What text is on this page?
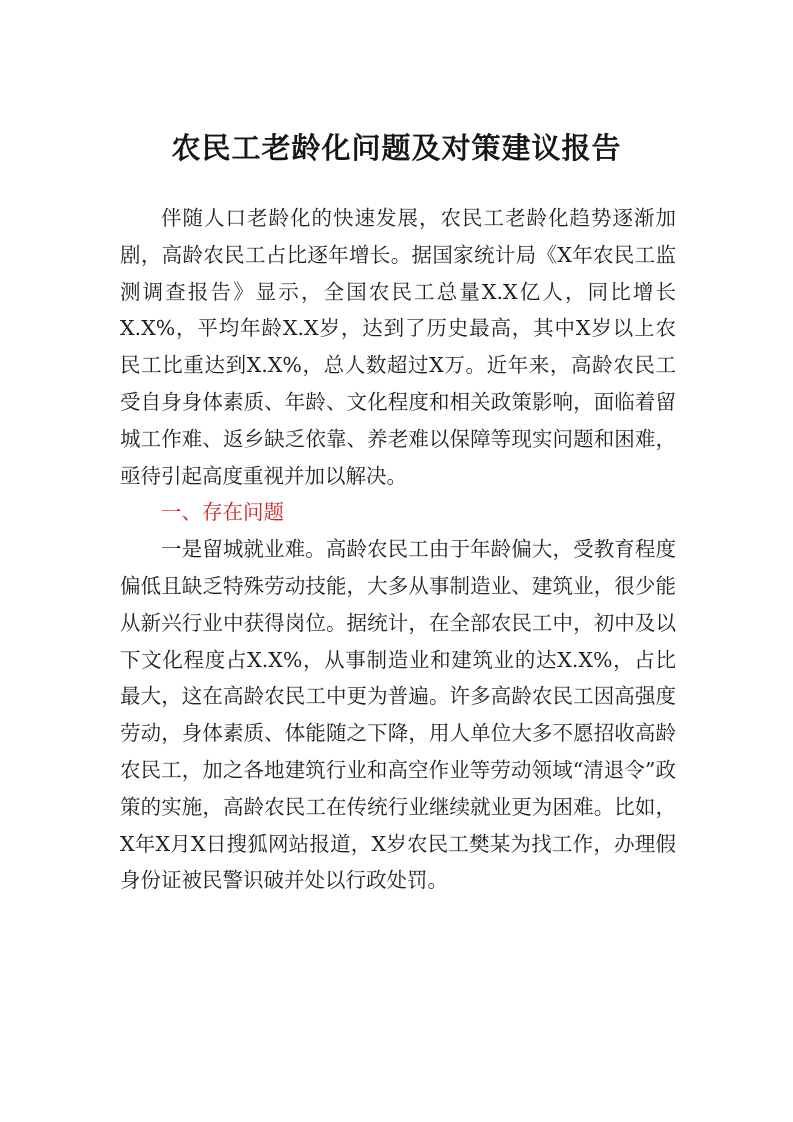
农民工老龄化问题及对策建议报告

伴随人口老龄化的快速发展，农民工老龄化趋势逐渐加剧，高龄农民工占比逐年增长。据国家统计局《X年农民工监测调查报告》显示，全国农民工总量X.X亿人，同比增长X.X%，平均年龄X.X岁，达到了历史最高，其中X岁以上农民工比重达到X.X%，总人数超过X万。近年来，高龄农民工受自身身体素质、年龄、文化程度和相关政策影响，面临着留城工作难、返乡缺乏依靠、养老难以保障等现实问题和困难，亟待引起高度重视并加以解决。

一、存在问题

一是留城就业难。高龄农民工由于年龄偏大，受教育程度偏低且缺乏特殊劳动技能，大多从事制造业、建筑业，很少能从新兴行业中获得岗位。据统计，在全部农民工中，初中及以下文化程度占X.X%，从事制造业和建筑业的达X.X%，占比最大，这在高龄农民工中更为普遍。许多高龄农民工因高强度劳动，身体素质、体能随之下降，用人单位大多不愿招收高龄农民工，加之各地建筑行业和高空作业等劳动领域“清退令”政策的实施，高龄农民工在传统行业继续就业更为困难。比如，X年X月X日搜狐网站报道，X岁农民工樊某为找工作，办理假身份证被民警识破并处以行政处罚。
